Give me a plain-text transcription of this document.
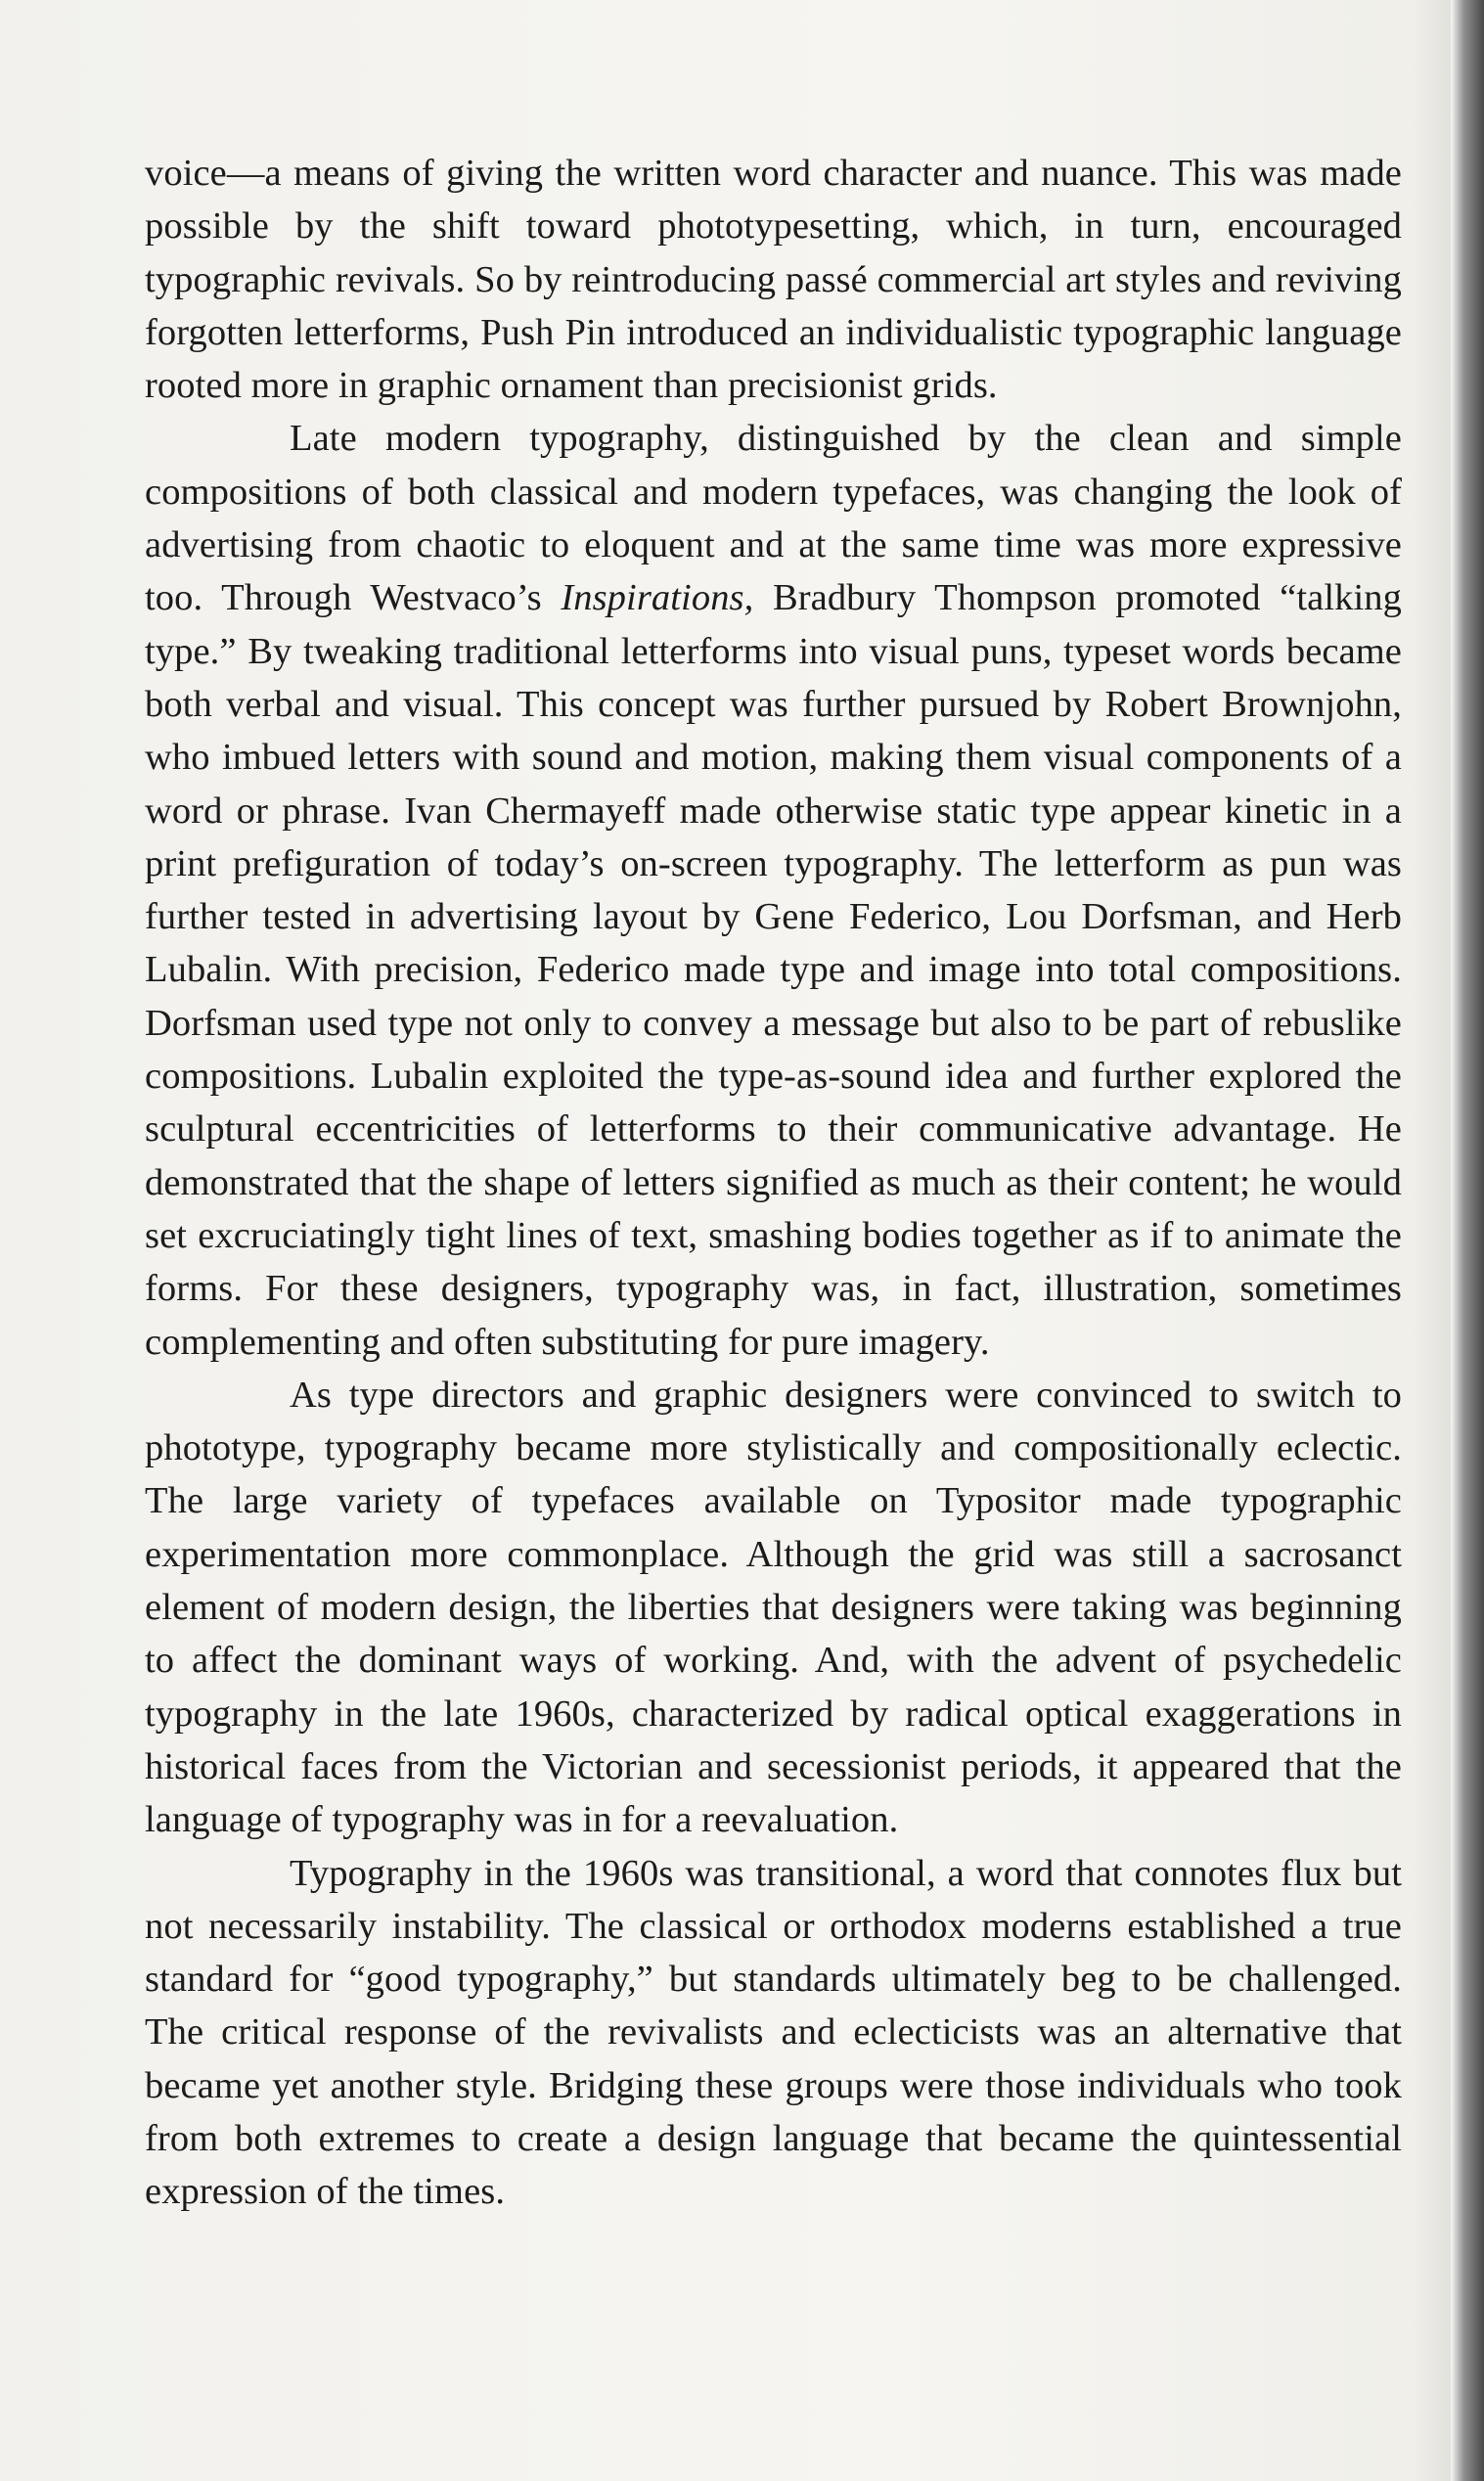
voice—a means of giving the written word character and nuance. This was made possible by the shift toward phototypesetting, which, in turn, encouraged typographic revivals. So by reintroducing passé commercial art styles and reviving forgotten letterforms, Push Pin introduced an individualistic typographic language rooted more in graphic ornament than precisionist grids.

Late modern typography, distinguished by the clean and simple compositions of both classical and modern typefaces, was changing the look of advertising from chaotic to eloquent and at the same time was more expressive too. Through Westvaco’s Inspirations, Bradbury Thompson promoted “talking type.” By tweaking traditional letterforms into visual puns, typeset words became both verbal and visual. This concept was further pursued by Robert Brownjohn, who imbued letters with sound and motion, making them visual components of a word or phrase. Ivan Chermayeff made otherwise static type appear kinetic in a print prefiguration of today’s on-screen typography. The letterform as pun was further tested in advertising layout by Gene Federico, Lou Dorfsman, and Herb Lubalin. With precision, Federico made type and image into total compositions. Dorfsman used type not only to convey a message but also to be part of rebuslike compositions. Lubalin exploited the type-as-sound idea and further explored the sculptural eccentricities of letterforms to their communicative advantage. He demonstrated that the shape of letters signified as much as their content; he would set excruciatingly tight lines of text, smashing bodies together as if to animate the forms. For these designers, typography was, in fact, illustration, sometimes complementing and often substituting for pure imagery.

As type directors and graphic designers were convinced to switch to phototype, typography became more stylistically and compositionally eclectic. The large variety of typefaces available on Typositor made typographic experimentation more commonplace. Although the grid was still a sacrosanct element of modern design, the liberties that designers were taking was beginning to affect the dominant ways of working. And, with the advent of psychedelic typography in the late 1960s, characterized by radical optical exaggerations in historical faces from the Victorian and secessionist periods, it appeared that the language of typography was in for a reevaluation.

Typography in the 1960s was transitional, a word that connotes flux but not necessarily instability. The classical or orthodox moderns established a true standard for “good typography,” but standards ultimately beg to be challenged. The critical response of the revivalists and eclecticists was an alternative that became yet another style. Bridging these groups were those individuals who took from both extremes to create a design language that became the quintessential expression of the times.
